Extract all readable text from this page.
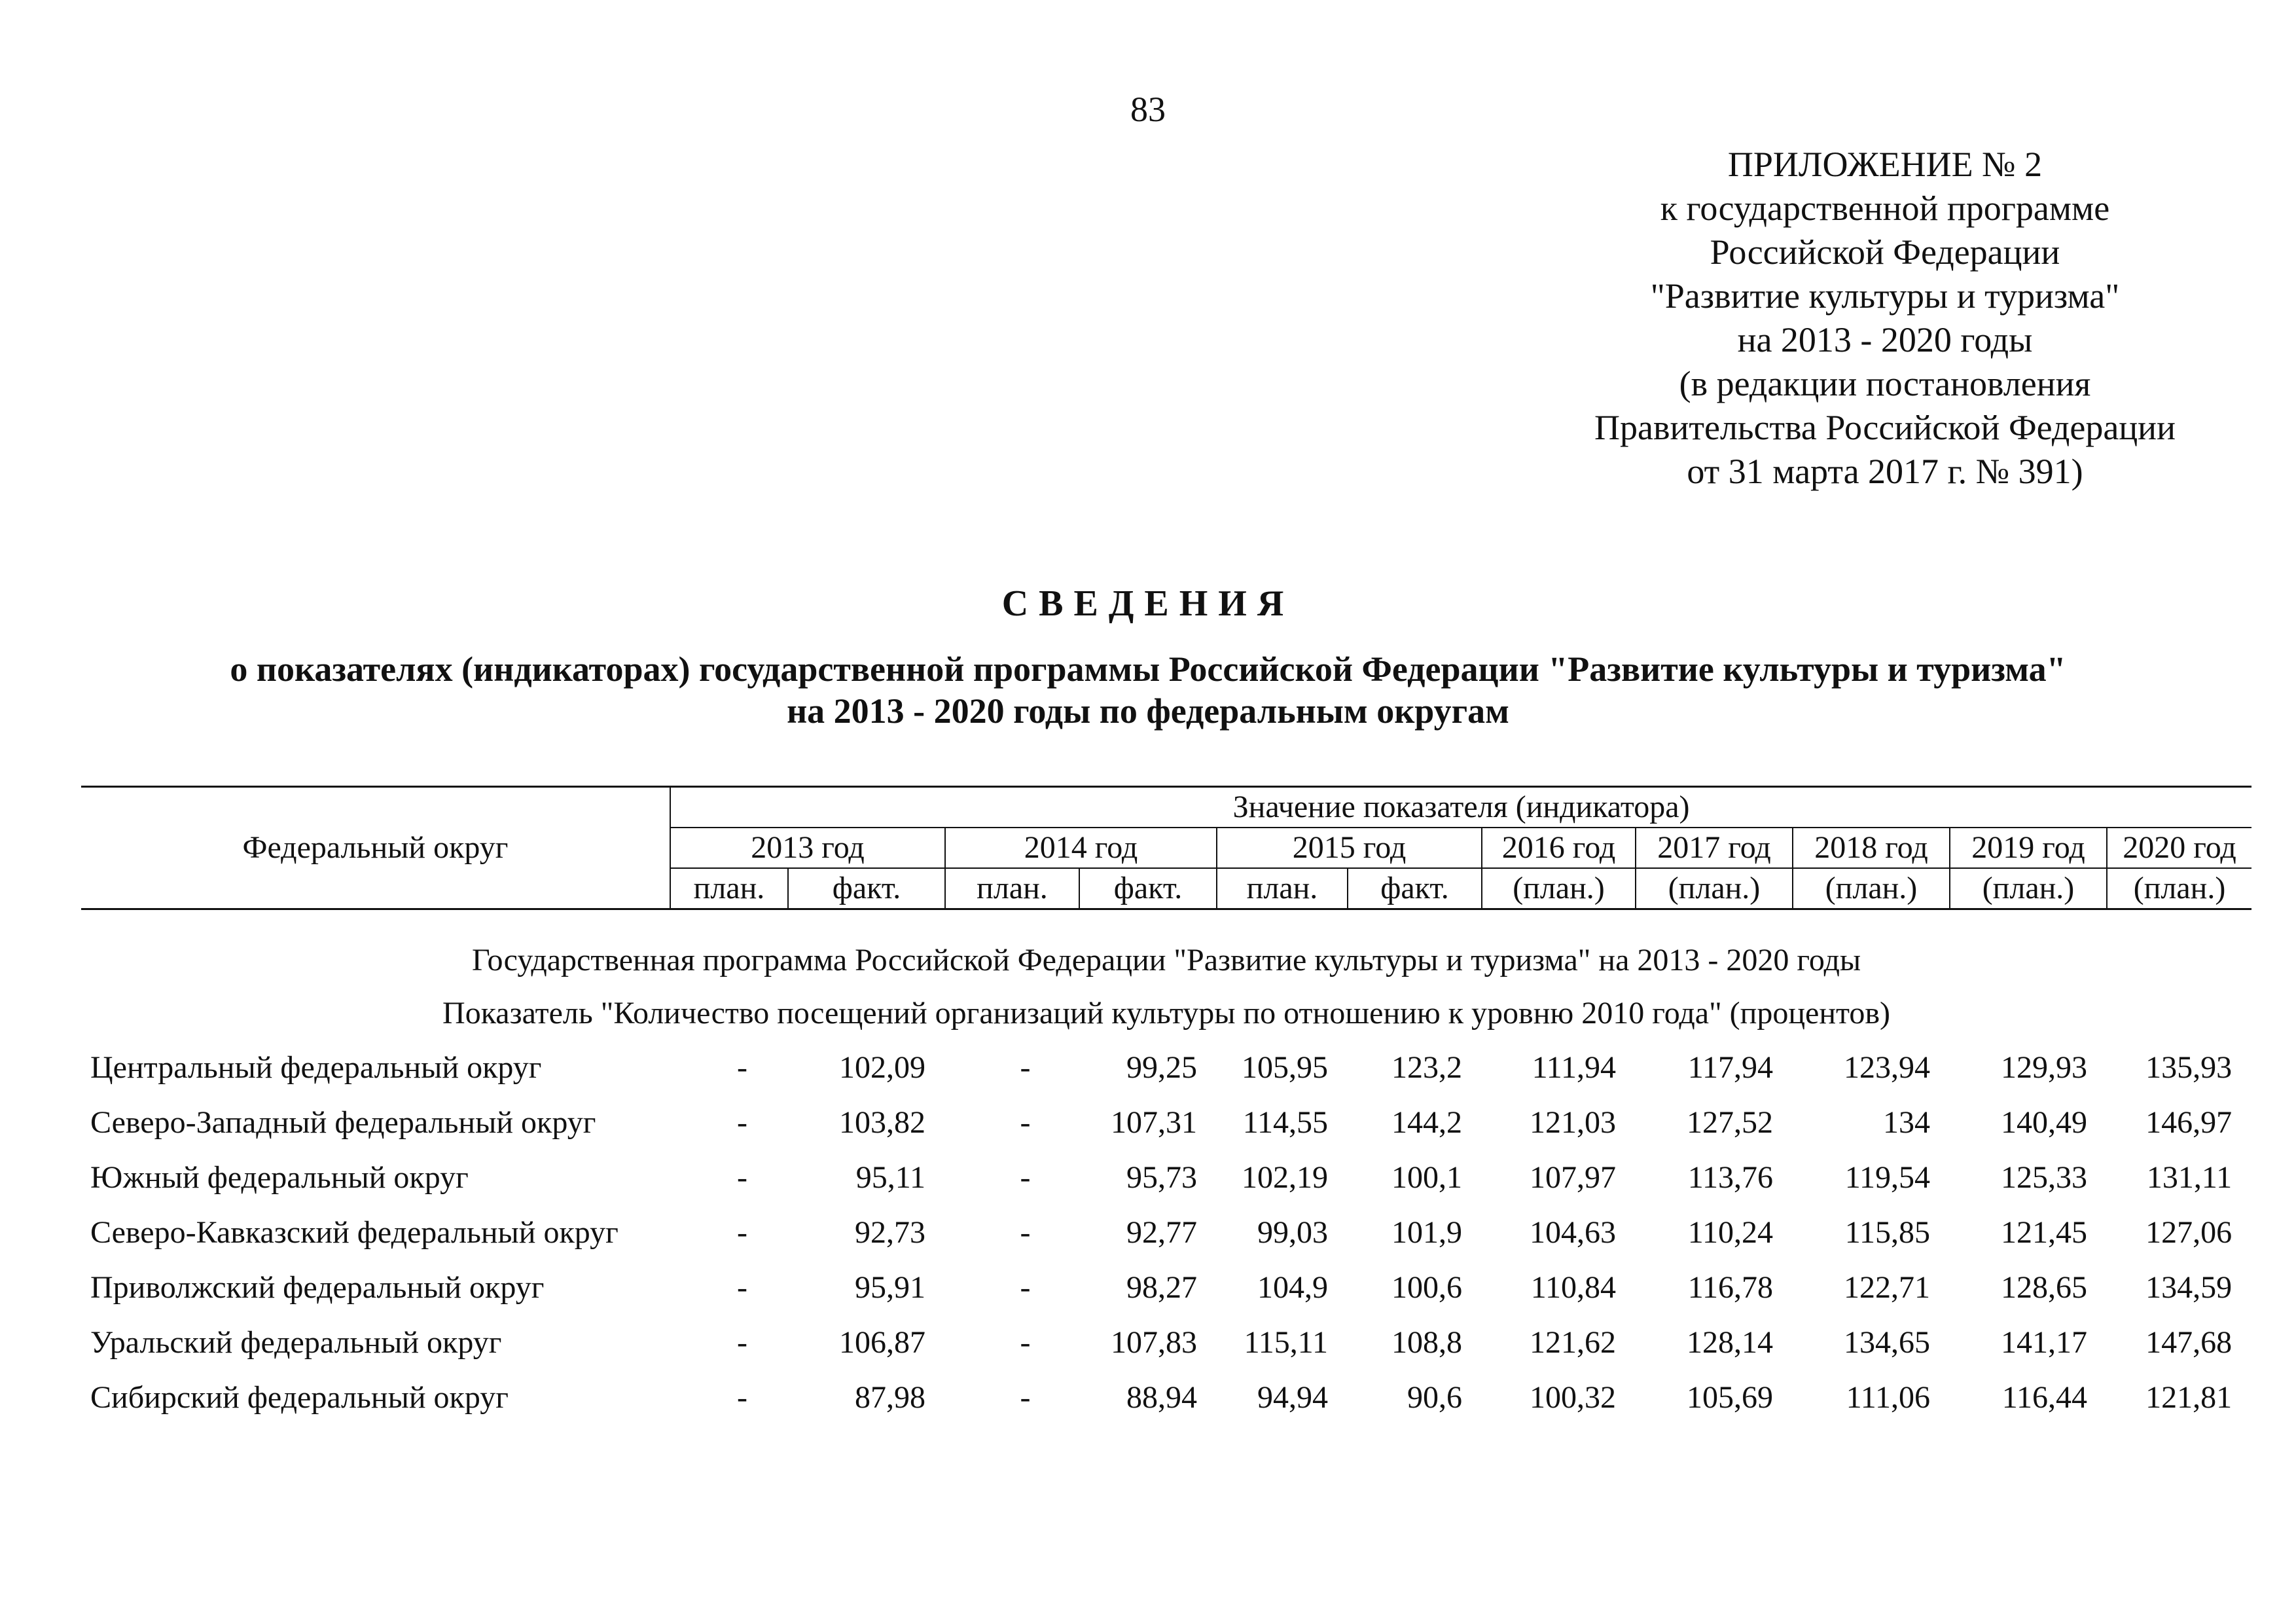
83
ПРИЛОЖЕНИЕ № 2
к государственной программе
Российской Федерации
"Развитие культуры и туризма"
на 2013 - 2020 годы
(в редакции постановления
Правительства Российской Федерации
от 31 марта 2017 г. № 391)
СВЕДЕНИЯ
о показателях (индикаторах) государственной программы Российской Федерации "Развитие культуры и туризма"
на 2013 - 2020 годы по федеральным округам
Федеральный округ	Значение показателя (индикатора)										
	2013 год		2014 год		2015 год		2016 год	2017 год	2018 год	2019 год	2020 год
	план.	факт.	план.	факт.	план.	факт.	(план.)	(план.)	(план.)	(план.)	(план.)
Государственная программа Российской Федерации "Развитие культуры и туризма" на 2013 - 2020 годы											
Показатель "Количество посещений организаций культуры по отношению к уровню 2010 года" (процентов)											
Центральный федеральный округ	-	102,09	-	99,25	105,95	123,2	111,94	117,94	123,94	129,93	135,93
Северо-Западный федеральный округ	-	103,82	-	107,31	114,55	144,2	121,03	127,52	134	140,49	146,97
Южный федеральный округ	-	95,11	-	95,73	102,19	100,1	107,97	113,76	119,54	125,33	131,11
Северо-Кавказский федеральный округ	-	92,73	-	92,77	99,03	101,9	104,63	110,24	115,85	121,45	127,06
Приволжский федеральный округ	-	95,91	-	98,27	104,9	100,6	110,84	116,78	122,71	128,65	134,59
Уральский федеральный округ	-	106,87	-	107,83	115,11	108,8	121,62	128,14	134,65	141,17	147,68
Сибирский федеральный округ	-	87,98	-	88,94	94,94	90,6	100,32	105,69	111,06	116,44	121,81
